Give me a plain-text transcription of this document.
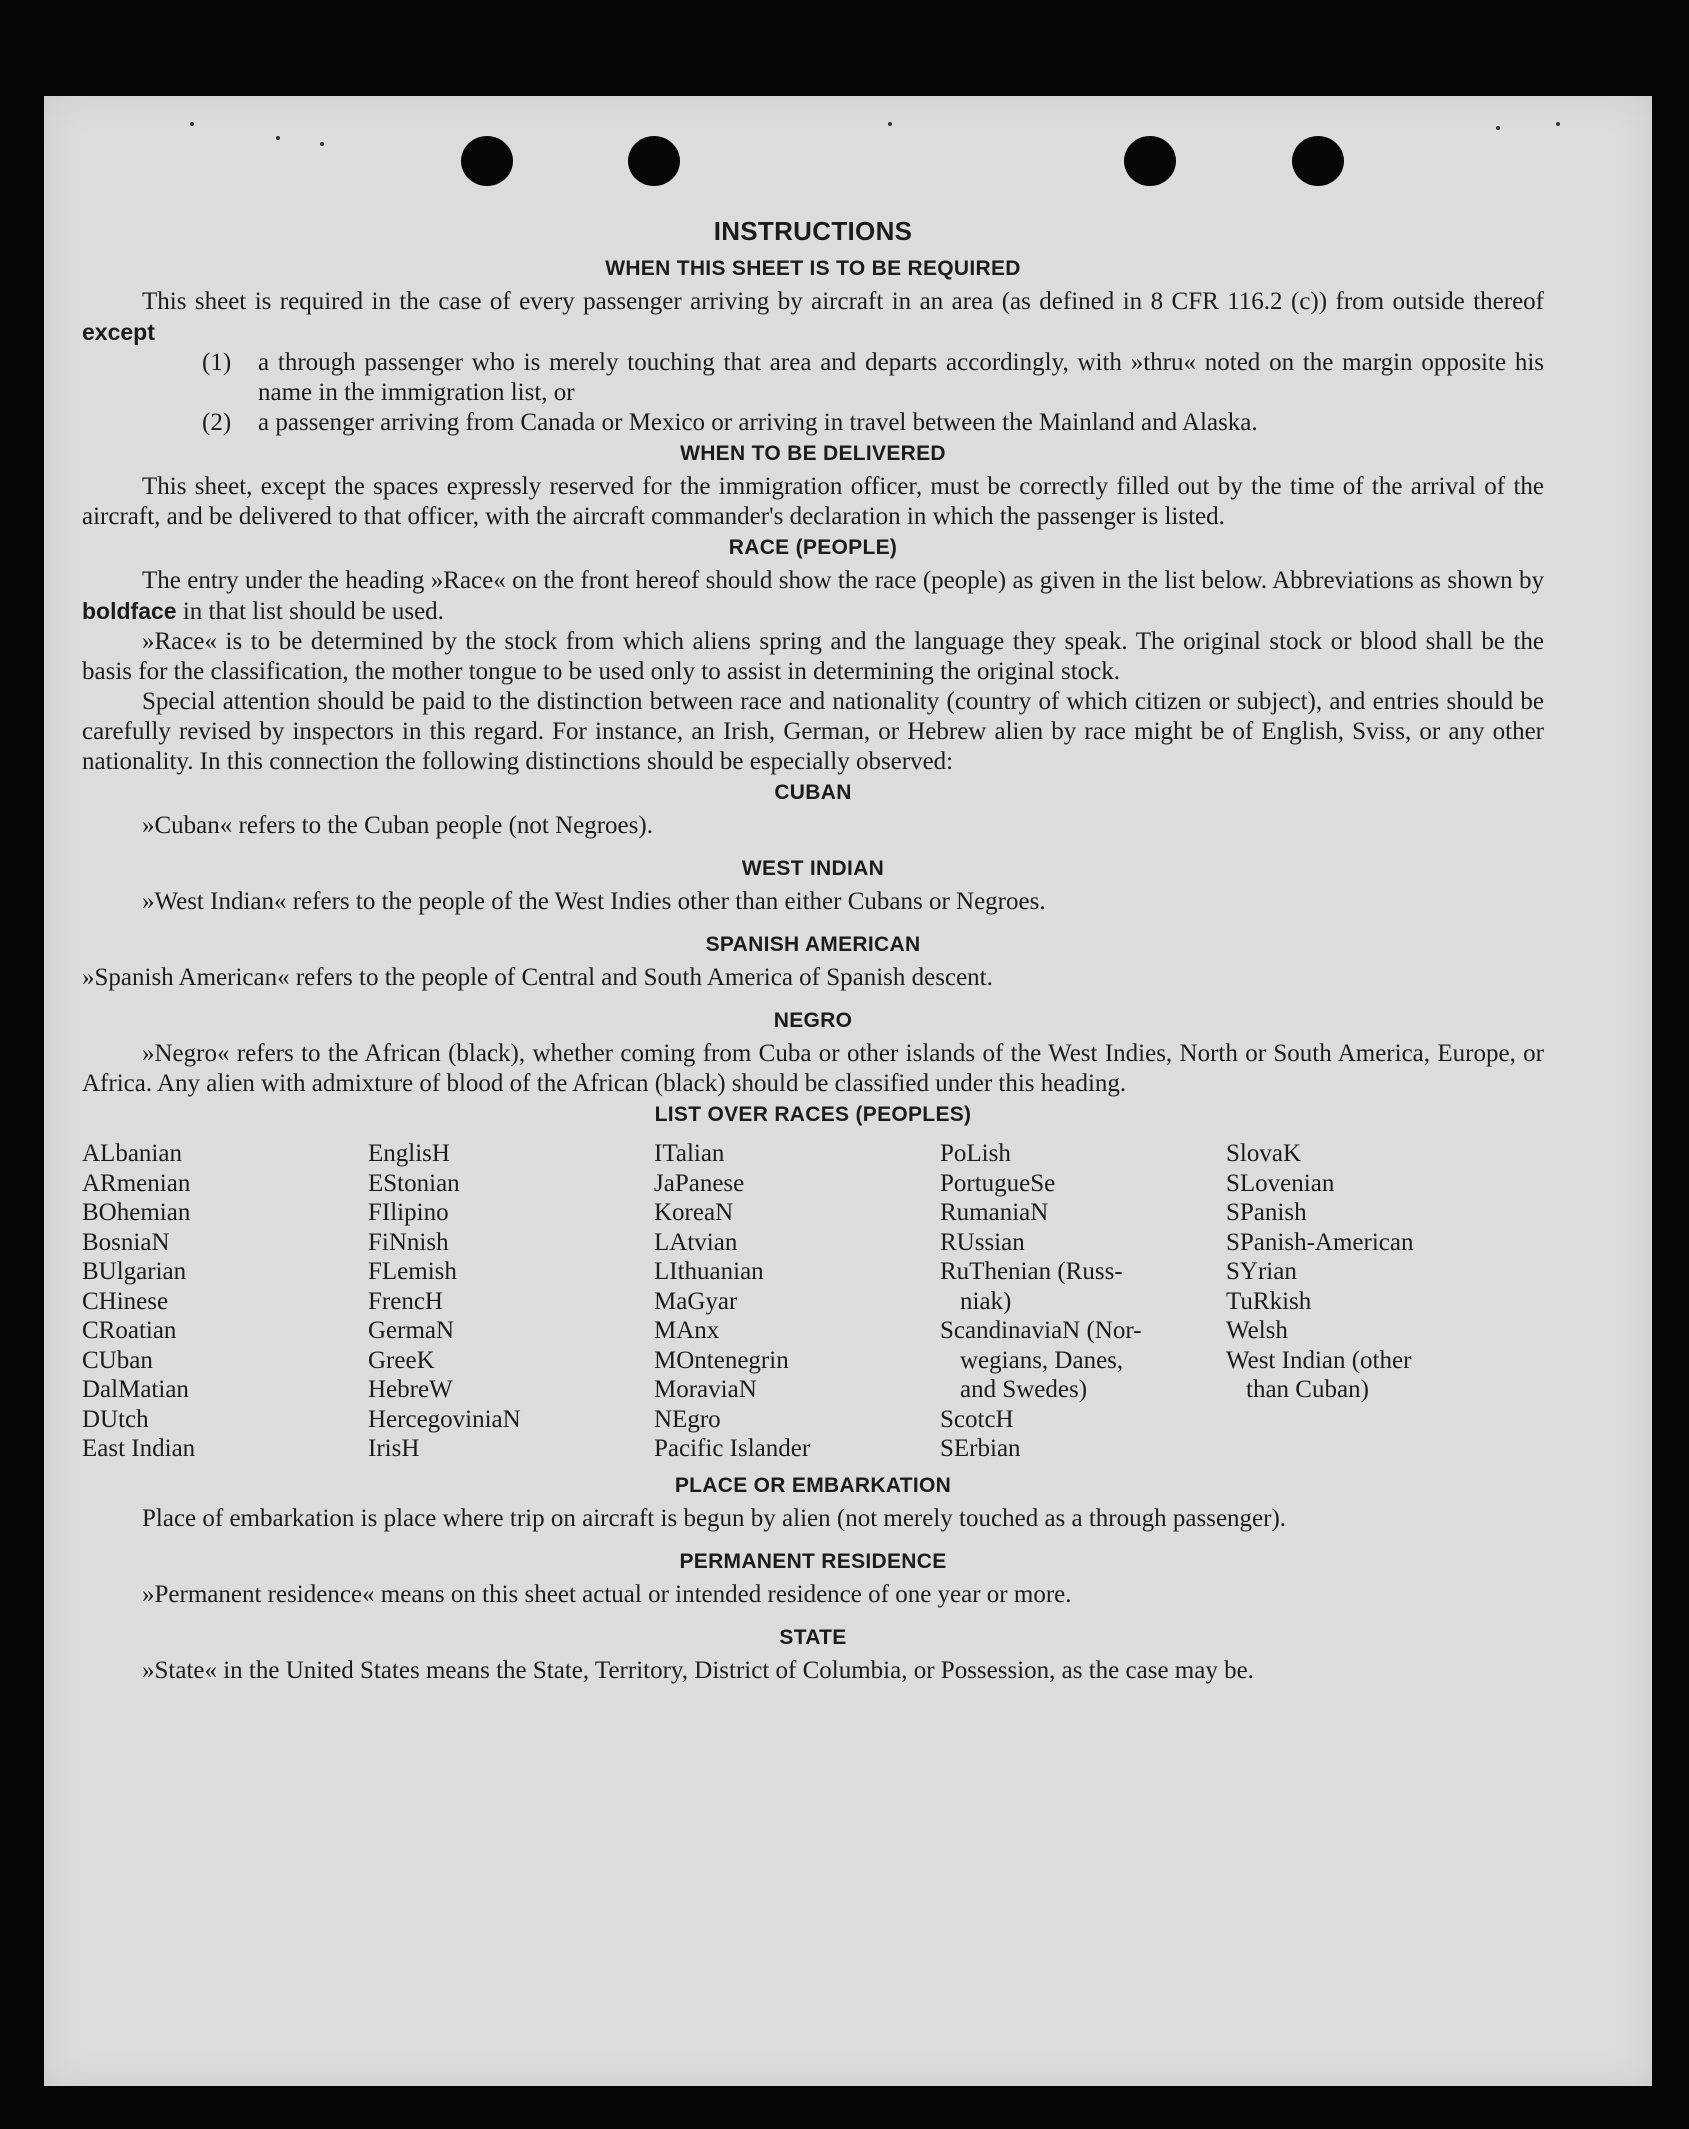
INSTRUCTIONS
WHEN THIS SHEET IS TO BE REQUIRED

This sheet is required in the case of every passenger arriving by aircraft in an area (as defined in 8 CFR 116.2 (c)) from outside thereof except

(1)	a through passenger who is merely touching that area and departs accordingly, with »thru« noted on the margin opposite his name in the immigration list, or
(2)	a passenger arriving from Canada or Mexico or arriving in travel between the Mainland and Alaska.
WHEN TO BE DELIVERED

This sheet, except the spaces expressly reserved for the immigration officer, must be correctly filled out by the time of the arrival of the aircraft, and be delivered to that officer, with the aircraft commander's declaration in which the passenger is listed.

RACE (PEOPLE)

The entry under the heading »Race« on the front hereof should show the race (people) as given in the list below. Abbreviations as shown by boldface in that list should be used.

»Race« is to be determined by the stock from which aliens spring and the language they speak. The original stock or blood shall be the basis for the classification, the mother tongue to be used only to assist in determining the original stock.

Special attention should be paid to the distinction between race and nationality (country of which citizen or subject), and entries should be carefully revised by inspectors in this regard. For instance, an Irish, German, or Hebrew alien by race might be of English, Sviss, or any other nationality. In this connection the following distinctions should be especially observed:

CUBAN

»Cuban« refers to the Cuban people (not Negroes).

WEST INDIAN

»West Indian« refers to the people of the West Indies other than either Cubans or Negroes.

SPANISH AMERICAN

»Spanish American« refers to the people of Central and South America of Spanish descent.

NEGRO

»Negro« refers to the African (black), whether coming from Cuba or other islands of the West Indies, North or South America, Europe, or Africa. Any alien with admixture of blood of the African (black) should be classified under this heading.

LIST OVER RACES (PEOPLES)
ALbanian
ARmenian
BOhemian
BosniaN
BUlgarian
CHinese
CRoatian
CUban
DalMatian
DUtch
East Indian
EnglisH
EStonian
FIlipino
FiNnish
FLemish
FrencH
GermaN
GreeK
HebreW
HercegoviniaN
IrisH
ITalian
JaPanese
KoreaN
LAtvian
LIthuanian
MaGyar
MAnx
MOntenegrin
MoraviaN
NEgro
Pacific Islander
PoLish
PortugueSe
RumaniaN
RUssian
RuThenian (Russ-
niak)
ScandinaviaN (Nor-
wegians, Danes,
and Swedes)
ScotcH
SErbian
SlovaK
SLovenian
SPanish
SPanish-American
SYrian
TuRkish
Welsh
West Indian (other
than Cuban)
PLACE OR EMBARKATION

Place of embarkation is place where trip on aircraft is begun by alien (not merely touched as a through passenger).

PERMANENT RESIDENCE

»Permanent residence« means on this sheet actual or intended residence of one year or more.

STATE

»State« in the United States means the State, Territory, District of Columbia, or Possession, as the case may be.
